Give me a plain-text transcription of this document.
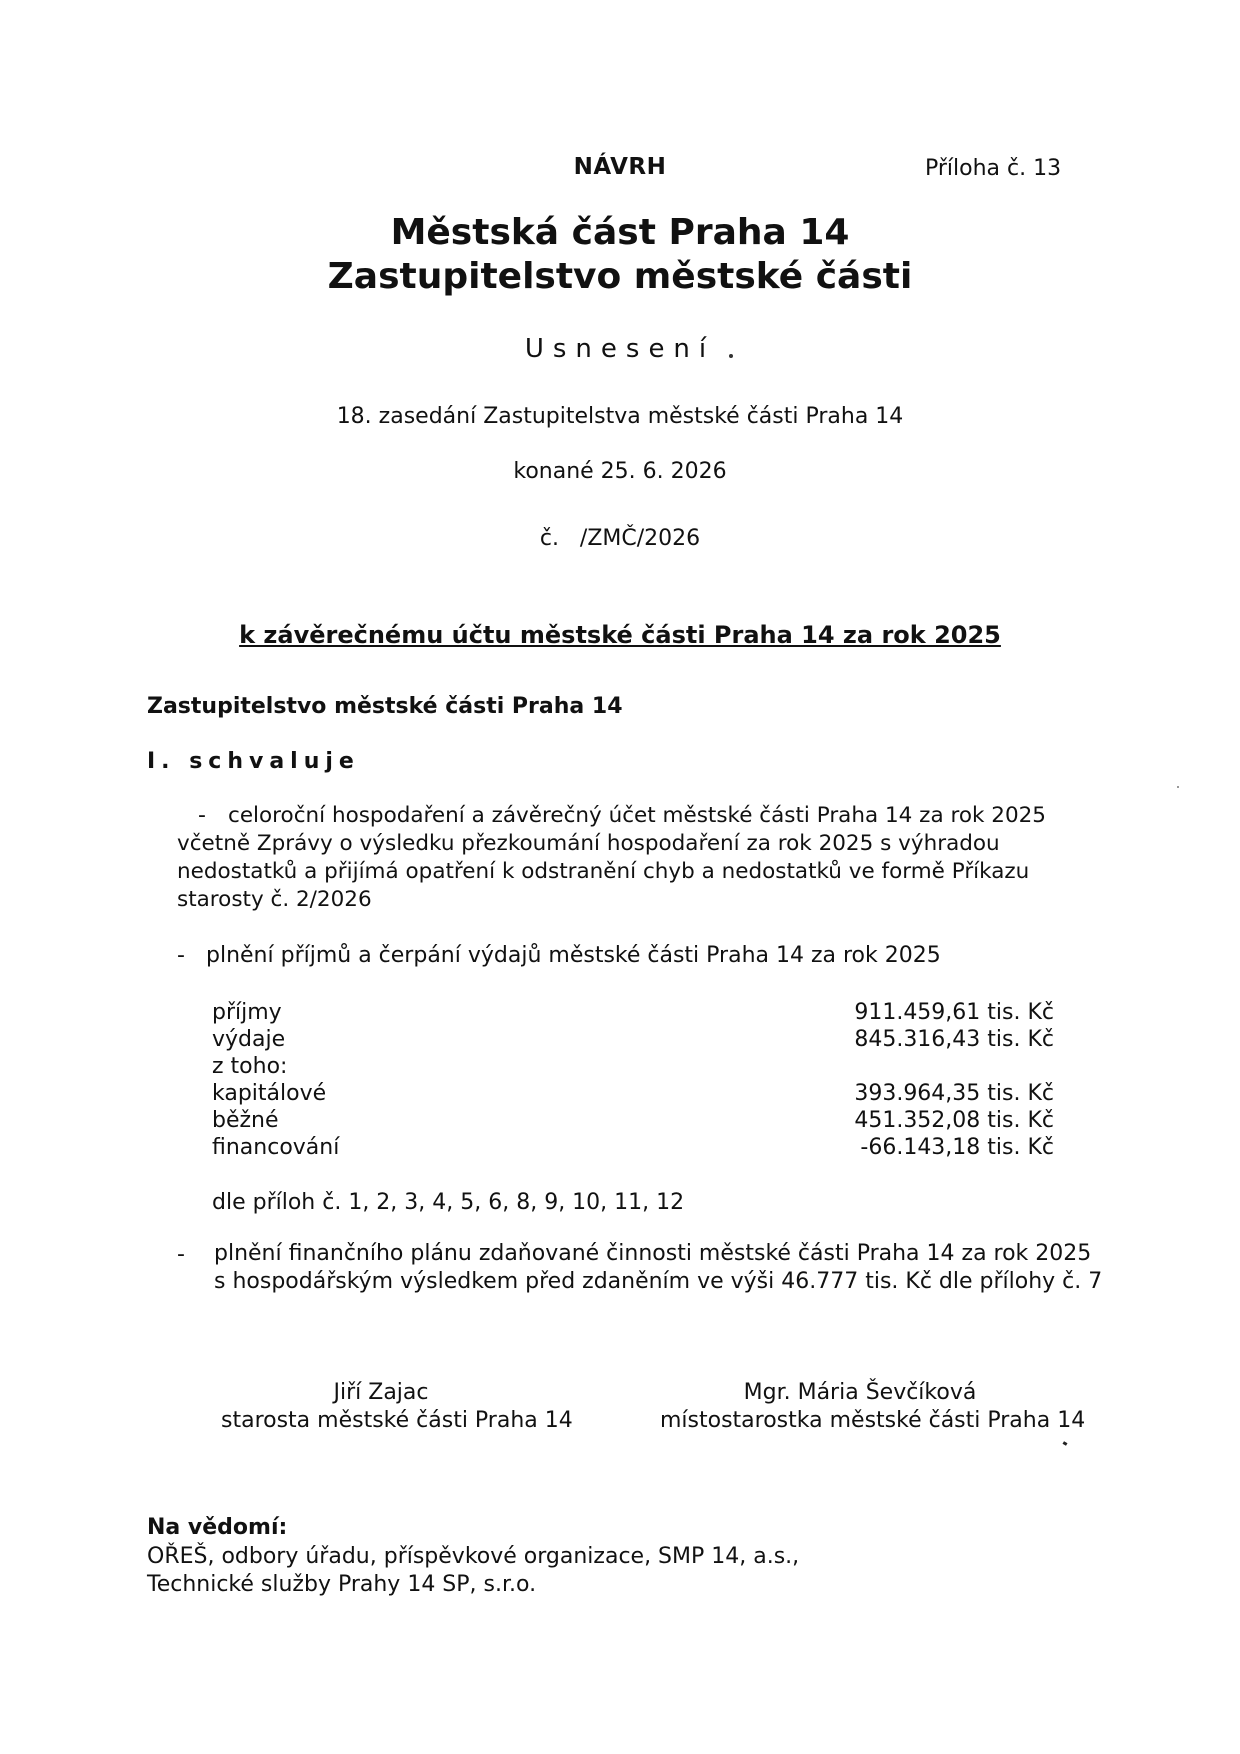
NÁVRH	Příloha č. 13
Městská část Praha 14
Zastupitelstvo městské části
Usnesení
18. zasedání Zastupitelstva městské části Praha 14
konané 25. 6. 2026
č.   /ZMČ/2026
k závěrečnému účtu městské části Praha 14 za rok 2025
Zastupitelstvo městské části Praha 14
I. schvaluje
-	celoroční hospodaření a závěrečný účet městské části Praha 14 za rok 2025 včetně Zprávy o výsledku přezkoumání hospodaření za rok 2025 s výhradou nedostatků a přijímá opatření k odstranění chyb a nedostatků ve formě Příkazu starosty č. 2/2026
- plnění příjmů a čerpání výdajů městské části Praha 14 za rok 2025
příjmy	911.459,61 tis. Kč
výdaje	845.316,43 tis. Kč
z toho:
kapitálové	393.964,35 tis. Kč
běžné	451.352,08 tis. Kč
financování	-66.143,18 tis. Kč
dle příloh č. 1, 2, 3, 4, 5, 6, 8, 9, 10, 11, 12
- plnění finančního plánu zdaňované činnosti městské části Praha 14 za rok 2025
s hospodářským výsledkem před zdaněním ve výši 46.777 tis. Kč dle přílohy č. 7
Jiří Zajac
starosta městské části Praha 14
Mgr. Mária Ševčíková
místostarostka městské části Praha 14
Na vědomí:
OŘEŠ, odbory úřadu, příspěvkové organizace, SMP 14, a.s.,
Technické služby Prahy 14 SP, s.r.o.
